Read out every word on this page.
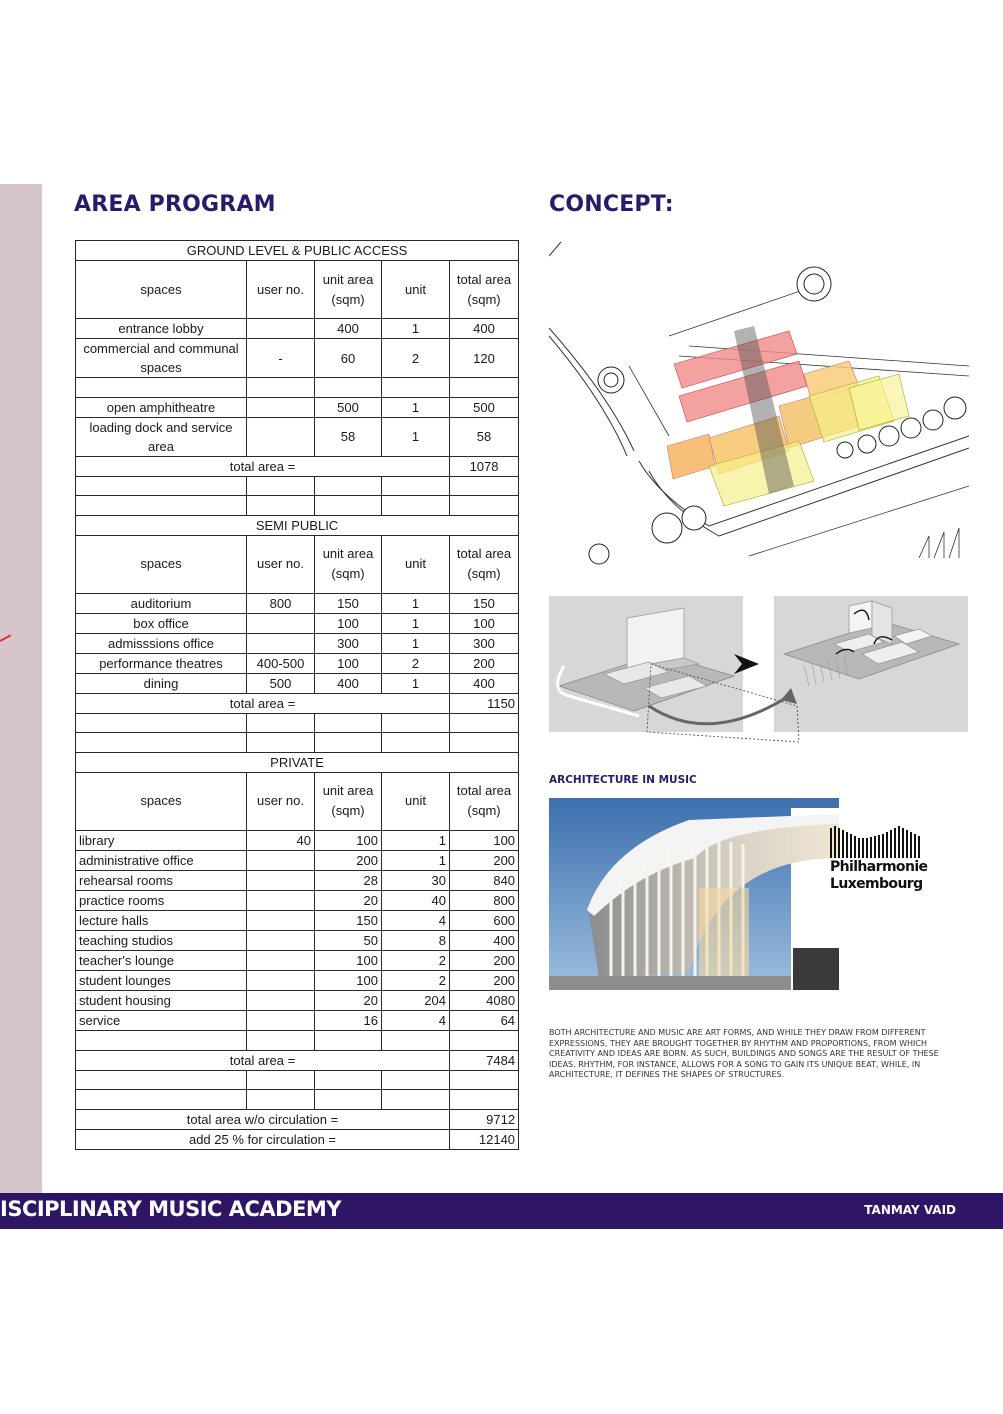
AREA PROGRAM	CONCEPT:
GROUND LEVEL & PUBLIC ACCESS				
spaces	user no.	unit area (sqm)	unit	total area (sqm)
entrance lobby		400	1	400
commercial and communal spaces	-	60	2	120

open amphitheatre		500	1	500
loading dock and service area		58	1	58
total area =				1078

SEMI PUBLIC				
spaces	user no.	unit area (sqm)	unit	total area (sqm)
auditorium	800	150	1	150
box office		100	1	100
admisssions office		300	1	300
performance theatres	400-500	100	2	200
dining	500	400	1	400
total area =				1150

PRIVATE				
spaces	user no.	unit area (sqm)	unit	total area (sqm)
library	40	100	1	100
administrative office		200	1	200
rehearsal rooms		28	30	840
practice rooms		20	40	800
lecture halls		150	4	600
teaching studios		50	8	400
teacher's lounge		100	2	200
student lounges		100	2	200
student housing		20	204	4080
service		16	4	64

total area =				7484

total area w/o circulation =				9712
add 25 % for circulation =				12140
ARCHITECTURE IN MUSIC
Philharmonie
Luxembourg

BOTH ARCHITECTURE AND MUSIC ARE ART FORMS, AND WHILE THEY DRAW FROM DIFFERENT EXPRESSIONS, THEY ARE BROUGHT TOGETHER BY RHYTHM AND PROPORTIONS, FROM WHICH CREATIVITY AND IDEAS ARE BORN. AS SUCH, BUILDINGS AND SONGS ARE THE RESULT OF THESE IDEAS. RHYTHM, FOR INSTANCE, ALLOWS FOR A SONG TO GAIN ITS UNIQUE BEAT, WHILE, IN ARCHITECTURE, IT DEFINES THE SHAPES OF STRUCTURES.

ISCIPLINARY MUSIC ACADEMY	TANMAY VAID
